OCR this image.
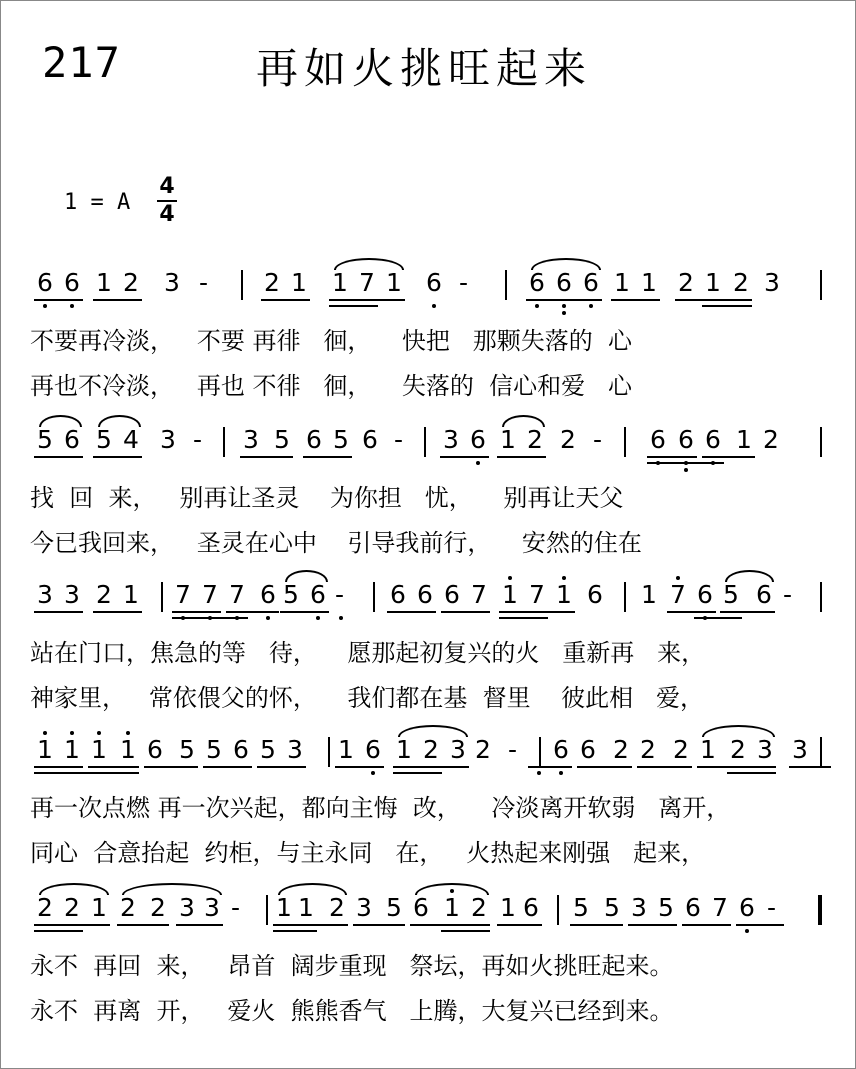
217	再如火挑旺起来
1 = A
4
4
6 6 1 2 3 - 2 1 1 7 1 6 - 6 6 6 1 1 2 1 2 3
不要再冷淡，   不要 再徘   徊，    快把   那颗失落的  心
再也不冷淡，   再也 不徘   徊，    失落的  信心和爱   心
5 6 5 4 3 - 3 5 6 5 6 - 3 6 1 2 2 - 6 6 6 1 2
找  回  来，   别再让圣灵    为你担   忧，    别再让天父
今已我回来，   圣灵在心中    引导我前行，    安然的住在
3 3 2 1 7 7 7 6 5 6 - 6 6 6 7 1 7 1 6 1 7 6 5 6 -
站在门口，焦急的等   待，    愿那起初复兴的火   重新再   来，
神家里，   常依偎父的怀，    我们都在基  督里    彼此相   爱，
1 1 1 1 6 5 5 6 5 3 1 6 1 2 3 2 - 6 6 2 2 2 1 2 3 3
再一次点燃 再一次兴起，都向主悔  改，    冷淡离开软弱   离开，
同心  合意抬起  约柜，与主永同   在，   火热起来刚强   起来，
2 2 1 2 2 3 3 - 1 1 2 3 5 6 1 2 1 6 5 5 3 5 6 7 6 -
永不  再回  来，   昂首  阔步重现   祭坛，再如火挑旺起来。
永不  再离  开，   爱火  熊熊香气   上腾，大复兴已经到来。
